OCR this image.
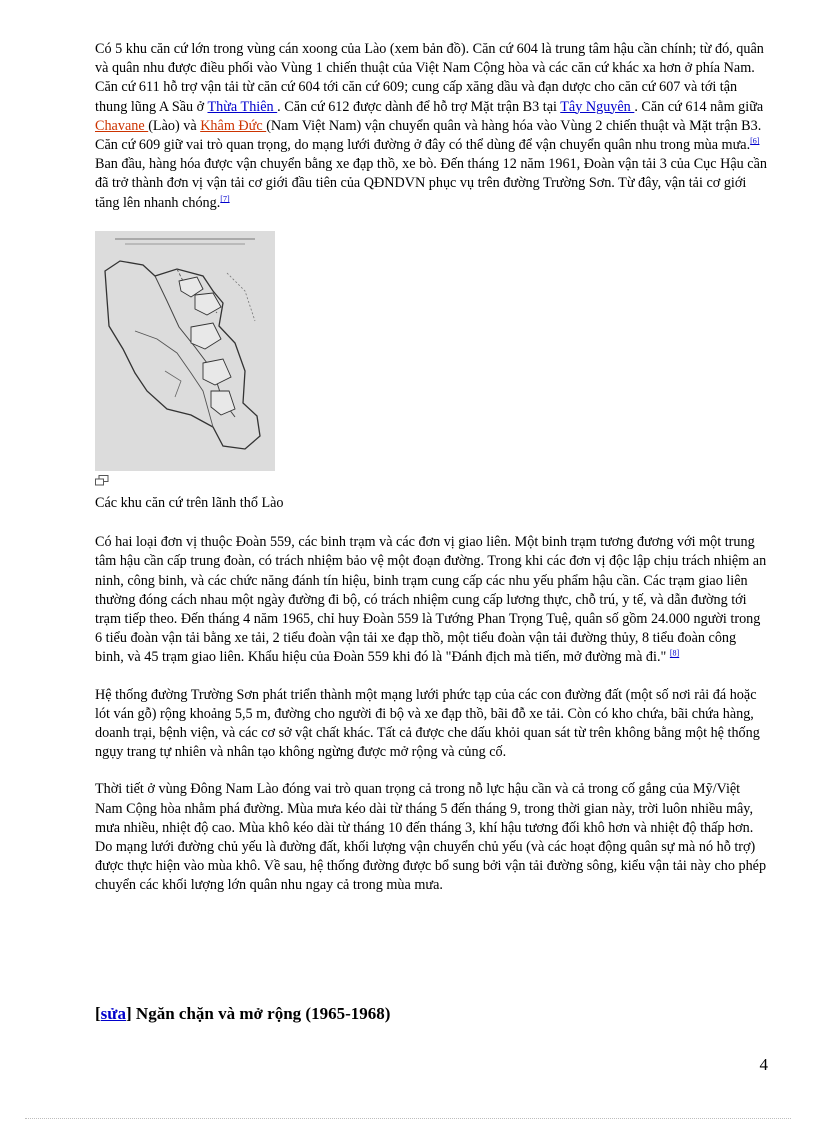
Có 5 khu căn cứ lớn trong vùng cán xoong của Lào (xem bản đồ). Căn cứ 604 là trung tâm hậu cần chính; từ đó, quân và quân nhu được điều phối vào Vùng 1 chiến thuật của Việt Nam Cộng hòa và các căn cứ khác xa hơn ở phía Nam. Căn cứ 611 hỗ trợ vận tải từ căn cứ 604 tới căn cứ 609; cung cấp xăng dầu và đạn dược cho căn cứ 607 và tới tận thung lũng A Sầu ở Thừa Thiên . Căn cứ 612 được dành để hỗ trợ Mặt trận B3 tại Tây Nguyên . Căn cứ 614 nằm giữa Chavane (Lào) và Khâm Đức (Nam Việt Nam) vận chuyển quân và hàng hóa vào Vùng 2 chiến thuật và Mặt trận B3. Căn cứ 609 giữ vai trò quan trọng, do mạng lưới đường ở đây có thể dùng để vận chuyển quân nhu trong mùa mưa.[6] Ban đầu, hàng hóa được vận chuyển bằng xe đạp thồ, xe bò. Đến tháng 12 năm 1961, Đoàn vận tải 3 của Cục Hậu cần đã trở thành đơn vị vận tải cơ giới đầu tiên của QĐNDVN phục vụ trên đường Trường Sơn. Từ đây, vận tải cơ giới tăng lên nhanh chóng.[7]

Các khu căn cứ trên lãnh thổ Lào

Có hai loại đơn vị thuộc Đoàn 559, các binh trạm và các đơn vị giao liên. Một binh trạm tương đương với một trung tâm hậu cần cấp trung đoàn, có trách nhiệm bảo vệ một đoạn đường. Trong khi các đơn vị độc lập chịu trách nhiệm an ninh, công binh, và các chức năng đánh tín hiệu, binh trạm cung cấp các nhu yếu phẩm hậu cần. Các trạm giao liên thường đóng cách nhau một ngày đường đi bộ, có trách nhiệm cung cấp lương thực, chỗ trú, y tế, và dẫn đường tới trạm tiếp theo. Đến tháng 4 năm 1965, chỉ huy Đoàn 559 là Tướng Phan Trọng Tuệ, quân số gồm 24.000 người trong 6 tiểu đoàn vận tải bằng xe tải, 2 tiểu đoàn vận tải xe đạp thồ, một tiểu đoàn vận tải đường thủy, 8 tiểu đoàn công binh, và 45 trạm giao liên. Khẩu hiệu của Đoàn 559 khi đó là "Đánh địch mà tiến, mở đường mà đi." [8]

Hệ thống đường Trường Sơn phát triển thành một mạng lưới phức tạp của các con đường đất (một số nơi rải đá hoặc lót ván gỗ) rộng khoảng 5,5 m, đường cho người đi bộ và xe đạp thồ, bãi đỗ xe tải. Còn có kho chứa, bãi chứa hàng, doanh trại, bệnh viện, và các cơ sở vật chất khác. Tất cả được che dấu khỏi quan sát từ trên không bằng một hệ thống ngụy trang tự nhiên và nhân tạo không ngừng được mở rộng và củng cố.

Thời tiết ở vùng Đông Nam Lào đóng vai trò quan trọng cả trong nỗ lực hậu cần và cả trong cố gắng của Mỹ/Việt Nam Cộng hòa nhằm phá đường. Mùa mưa kéo dài từ tháng 5 đến tháng 9, trong thời gian này, trời luôn nhiều mây, mưa nhiều, nhiệt độ cao. Mùa khô kéo dài từ tháng 10 đến tháng 3, khí hậu tương đối khô hơn và nhiệt độ thấp hơn. Do mạng lưới đường chủ yếu là đường đất, khối lượng vận chuyển chủ yếu (và các hoạt động quân sự mà nó hỗ trợ) được thực hiện vào mùa khô. Về sau, hệ thống đường được bổ sung bởi vận tải đường sông, kiểu vận tải này cho phép chuyển các khối lượng lớn quân nhu ngay cả trong mùa mưa.

[sửa] Ngăn chặn và mở rộng (1965-1968)
4
